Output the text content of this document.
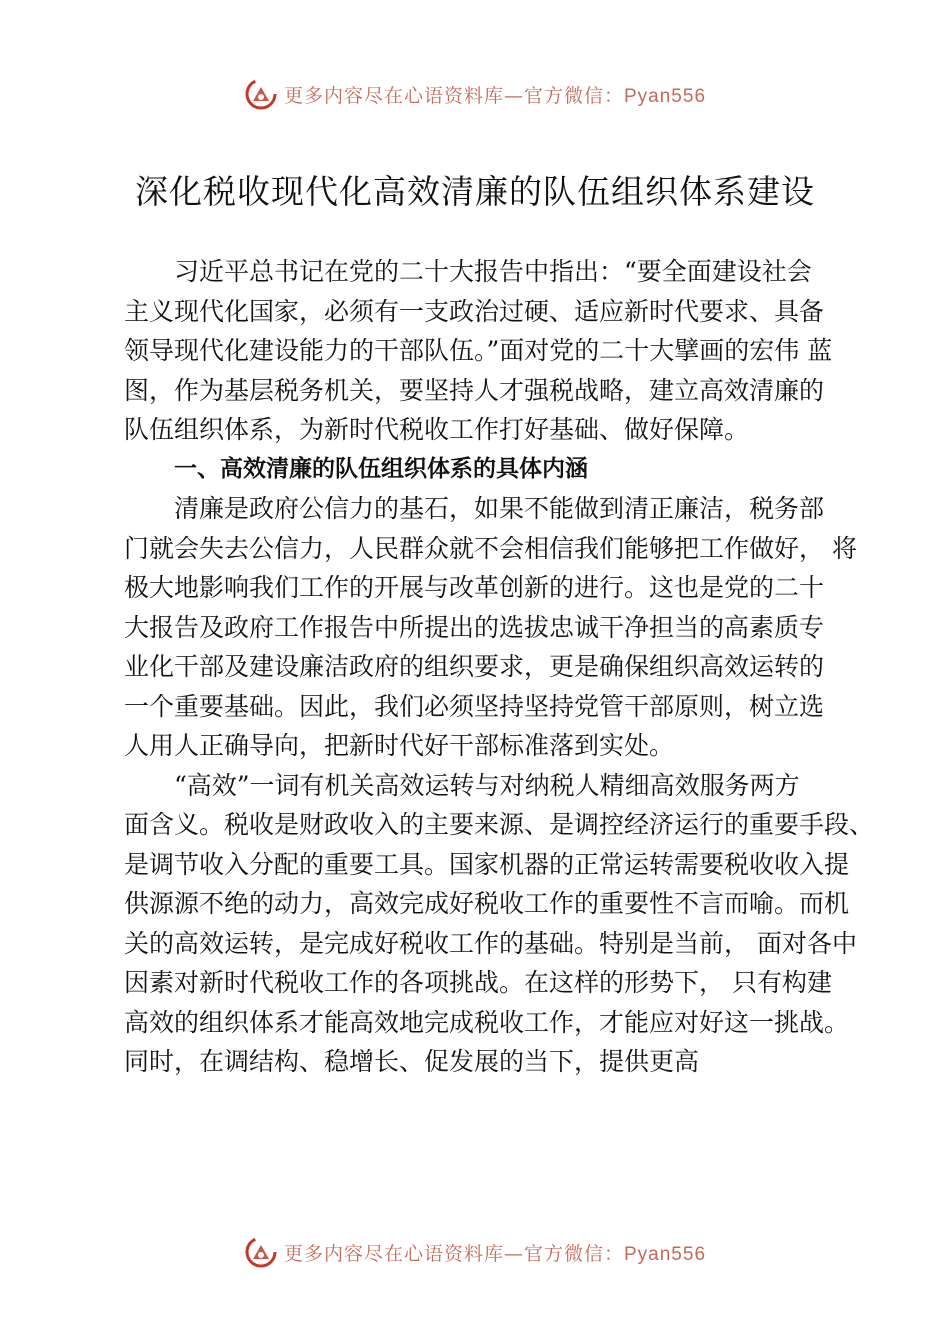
更多内容尽在心语资料库—官方微信：Pyan556
深化税收现代化高效清廉的队伍组织体系建设
习近平总书记在党的二十大报告中指出：“要全面建设社会
主义现代化国家，必须有一支政治过硬、适应新时代要求、具备
领导现代化建设能力的干部队伍。”面对党的二十大擘画的宏伟 蓝
图，作为基层税务机关，要坚持人才强税战略，建立高效清廉的
队伍组织体系，为新时代税收工作打好基础、做好保障。
一、高效清廉的队伍组织体系的具体内涵
清廉是政府公信力的基石，如果不能做到清正廉洁，税务部
门就会失去公信力，人民群众就不会相信我们能够把工作做好， 将
极大地影响我们工作的开展与改革创新的进行。这也是党的二十
大报告及政府工作报告中所提出的选拔忠诚干净担当的高素质专
业化干部及建设廉洁政府的组织要求，更是确保组织高效运转的
一个重要基础。因此，我们必须坚持坚持党管干部原则，树立选
人用人正确导向，把新时代好干部标准落到实处。
“高效”一词有机关高效运转与对纳税人精细高效服务两方
面含义。税收是财政收入的主要来源、是调控经济运行的重要手段、
是调节收入分配的重要工具。国家机器的正常运转需要税收收入提
供源源不绝的动力，高效完成好税收工作的重要性不言而喻。而机
关的高效运转，是完成好税收工作的基础。特别是当前， 面对各中
因素对新时代税收工作的各项挑战。在这样的形势下， 只有构建
高效的组织体系才能高效地完成税收工作，才能应对好这一挑战。
同时，在调结构、稳增长、促发展的当下，提供更高
更多内容尽在心语资料库—官方微信：Pyan556
